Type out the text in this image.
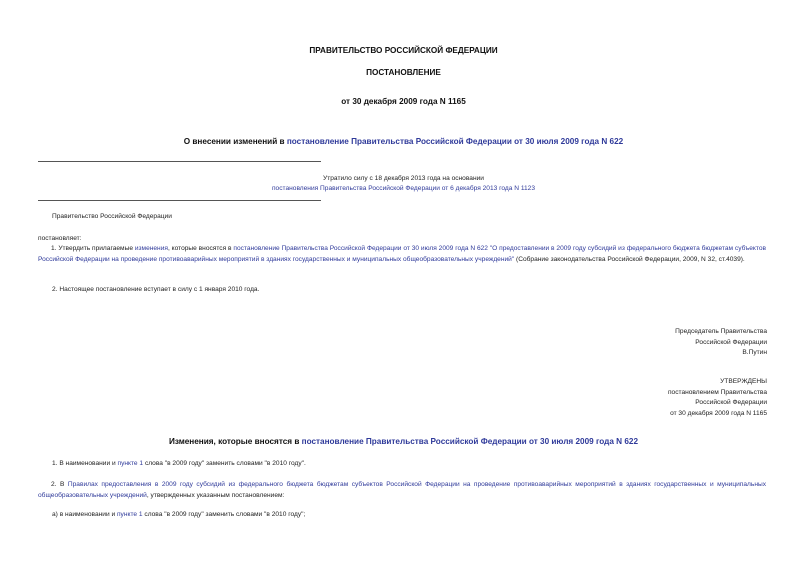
ПРАВИТЕЛЬСТВО РОССИЙСКОЙ ФЕДЕРАЦИИ
ПОСТАНОВЛЕНИЕ
от 30 декабря 2009 года N 1165
О внесении изменений в постановление Правительства Российской Федерации от 30 июля 2009 года N 622
Утратило силу с 18 декабря 2013 года на основании
постановления Правительства Российской Федерации от 6 декабря 2013 года N 1123
Правительство Российской Федерации
постановляет:
1. Утвердить прилагаемые изменения, которые вносятся в постановление Правительства Российской Федерации от 30 июля 2009 года N 622 "О предоставлении в 2009 году субсидий из федерального бюджета бюджетам субъектов Российской Федерации на проведение противоаварийных мероприятий в зданиях государственных и муниципальных общеобразовательных учреждений" (Собрание законодательства Российской Федерации, 2009, N 32, ст.4039).
2. Настоящее постановление вступает в силу с 1 января 2010 года.
Председатель Правительства
Российской Федерации
В.Путин
УТВЕРЖДЕНЫ
постановлением Правительства
Российской Федерации
от 30 декабря 2009 года N 1165
Изменения, которые вносятся в постановление Правительства Российской Федерации от 30 июля 2009 года N 622
1. В наименовании и пункте 1 слова "в 2009 году" заменить словами "в 2010 году".
2. В Правилах предоставления в 2009 году субсидий из федерального бюджета бюджетам субъектов Российской Федерации на проведение противоаварийных мероприятий в зданиях государственных и муниципальных общеобразовательных учреждений, утвержденных указанным постановлением:
а) в наименовании и пункте 1 слова "в 2009 году" заменить словами "в 2010 году";
